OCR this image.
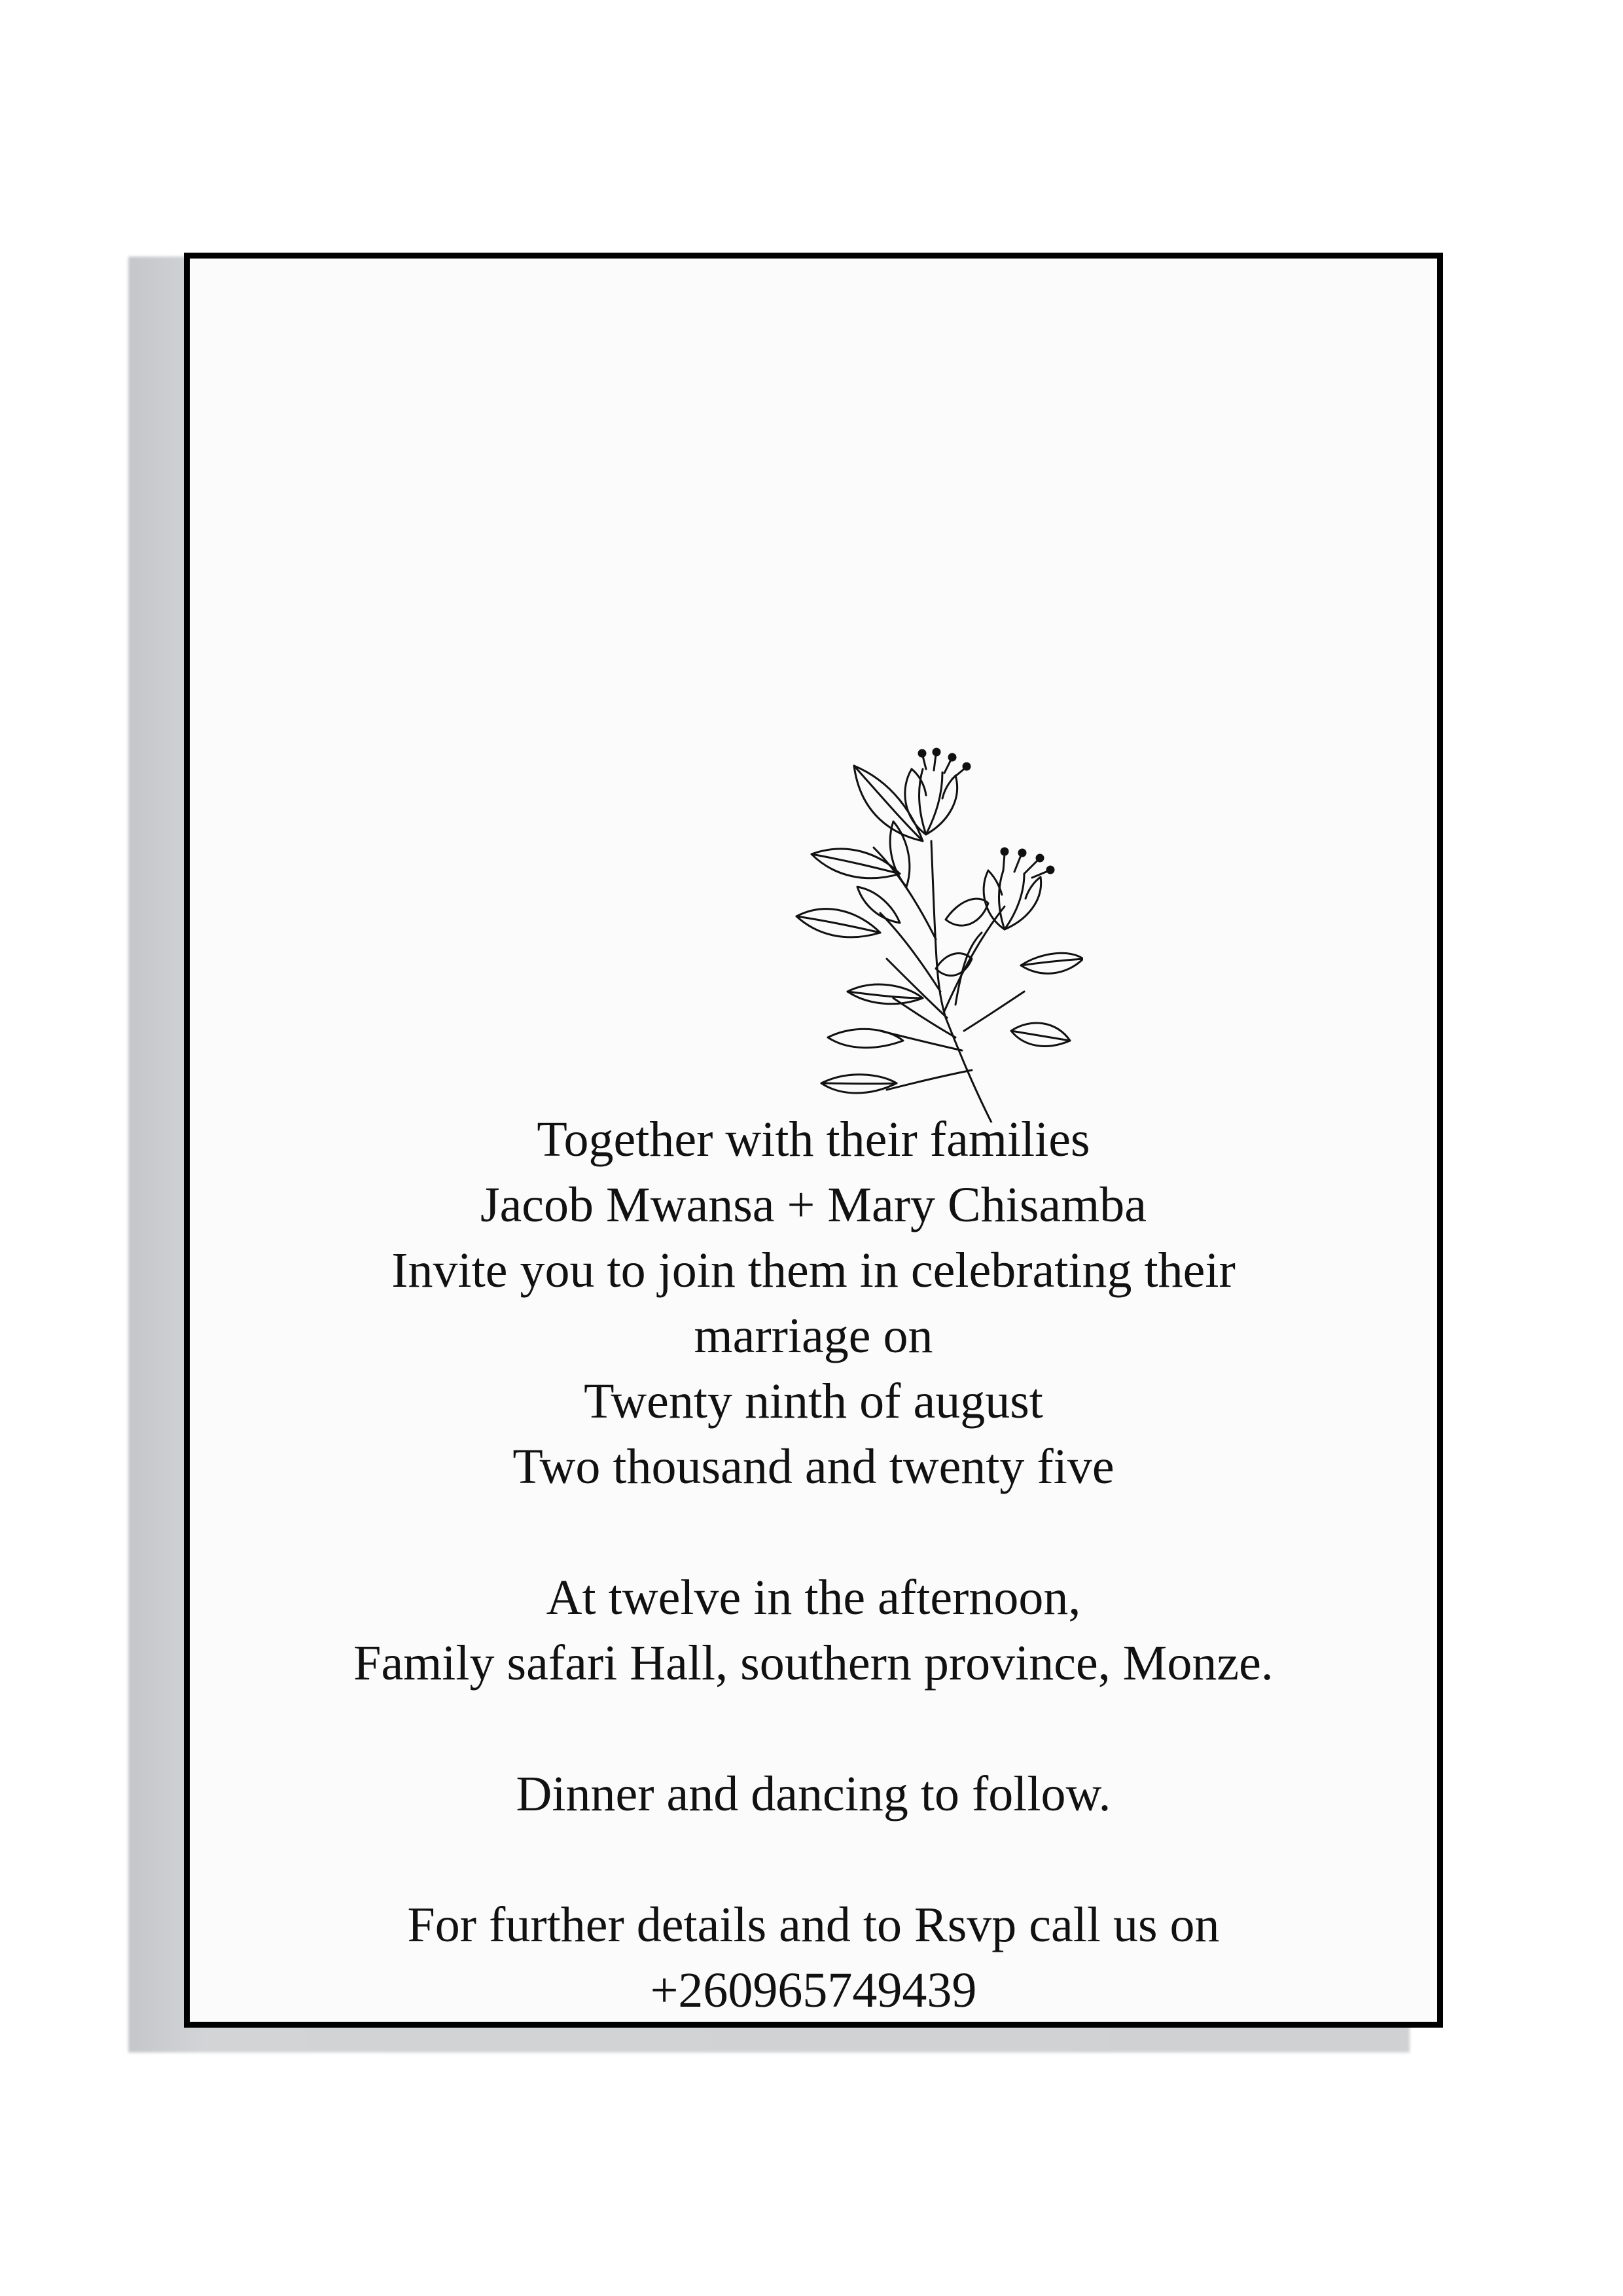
Together with their families
Jacob Mwansa + Mary Chisamba
Invite you to join them in celebrating their
marriage on
Twenty ninth of august
Two thousand and twenty five

At twelve in the afternoon,
Family safari Hall, southern province, Monze.

Dinner and dancing to follow.

For further details and to Rsvp call us on
+260965749439
